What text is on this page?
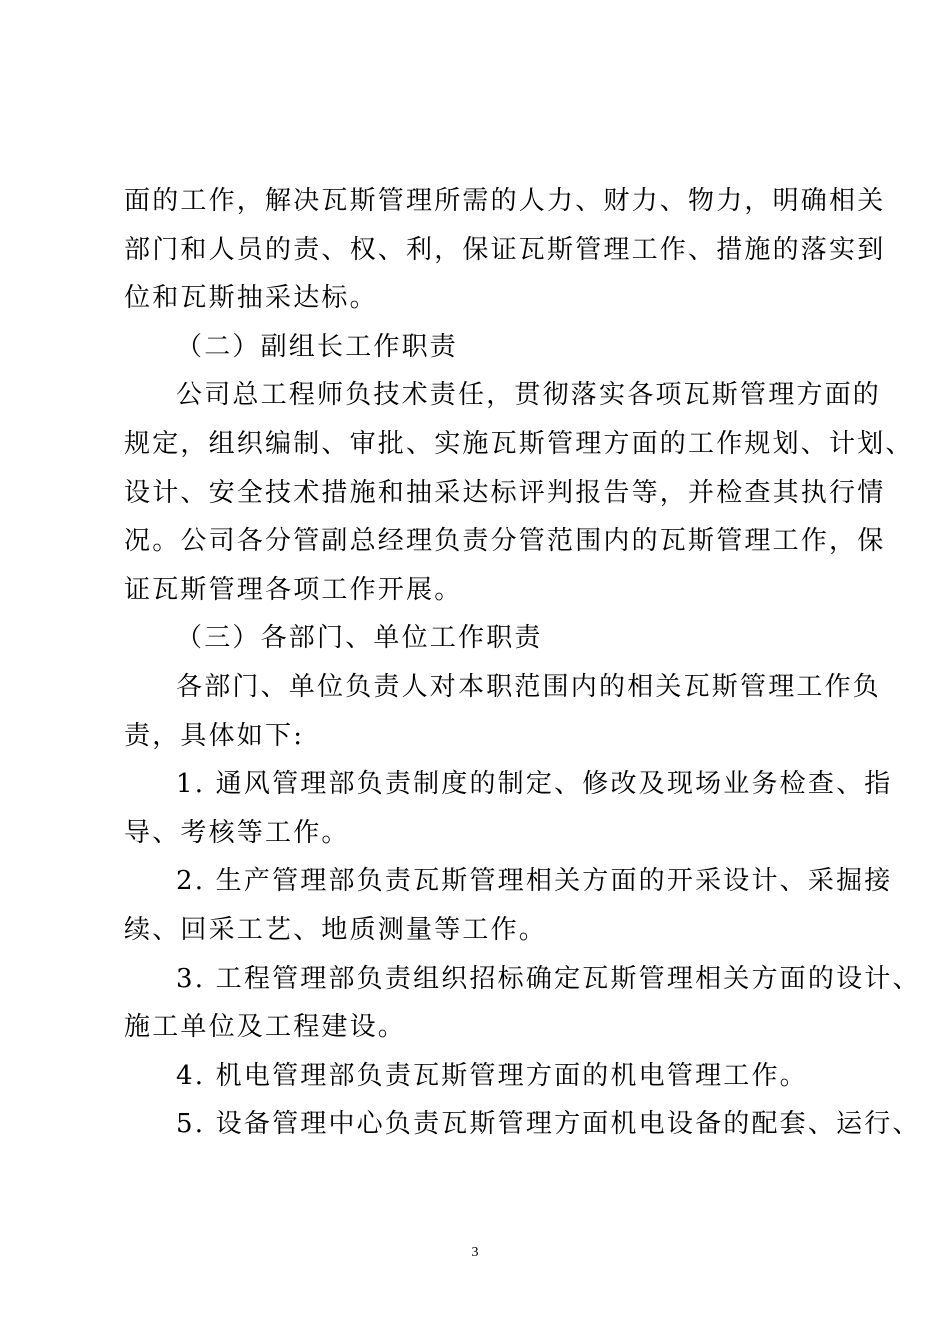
面的工作，解决瓦斯管理所需的人力、财力、物力，明确相关
部门和人员的责、权、利，保证瓦斯管理工作、措施的落实到
位和瓦斯抽采达标。
（二）副组长工作职责
公司总工程师负技术责任，贯彻落实各项瓦斯管理方面的
规定，组织编制、审批、实施瓦斯管理方面的工作规划、计划、
设计、安全技术措施和抽采达标评判报告等，并检查其执行情
况。公司各分管副总经理负责分管范围内的瓦斯管理工作，保
证瓦斯管理各项工作开展。
（三）各部门、单位工作职责
各部门、单位负责人对本职范围内的相关瓦斯管理工作负
责，具体如下:
1. 通风管理部负责制度的制定、修改及现场业务检查、指
导、考核等工作。
2. 生产管理部负责瓦斯管理相关方面的开采设计、采掘接
续、回采工艺、地质测量等工作。
3. 工程管理部负责组织招标确定瓦斯管理相关方面的设计、
施工单位及工程建设。
4. 机电管理部负责瓦斯管理方面的机电管理工作。
5. 设备管理中心负责瓦斯管理方面机电设备的配套、运行、
3
